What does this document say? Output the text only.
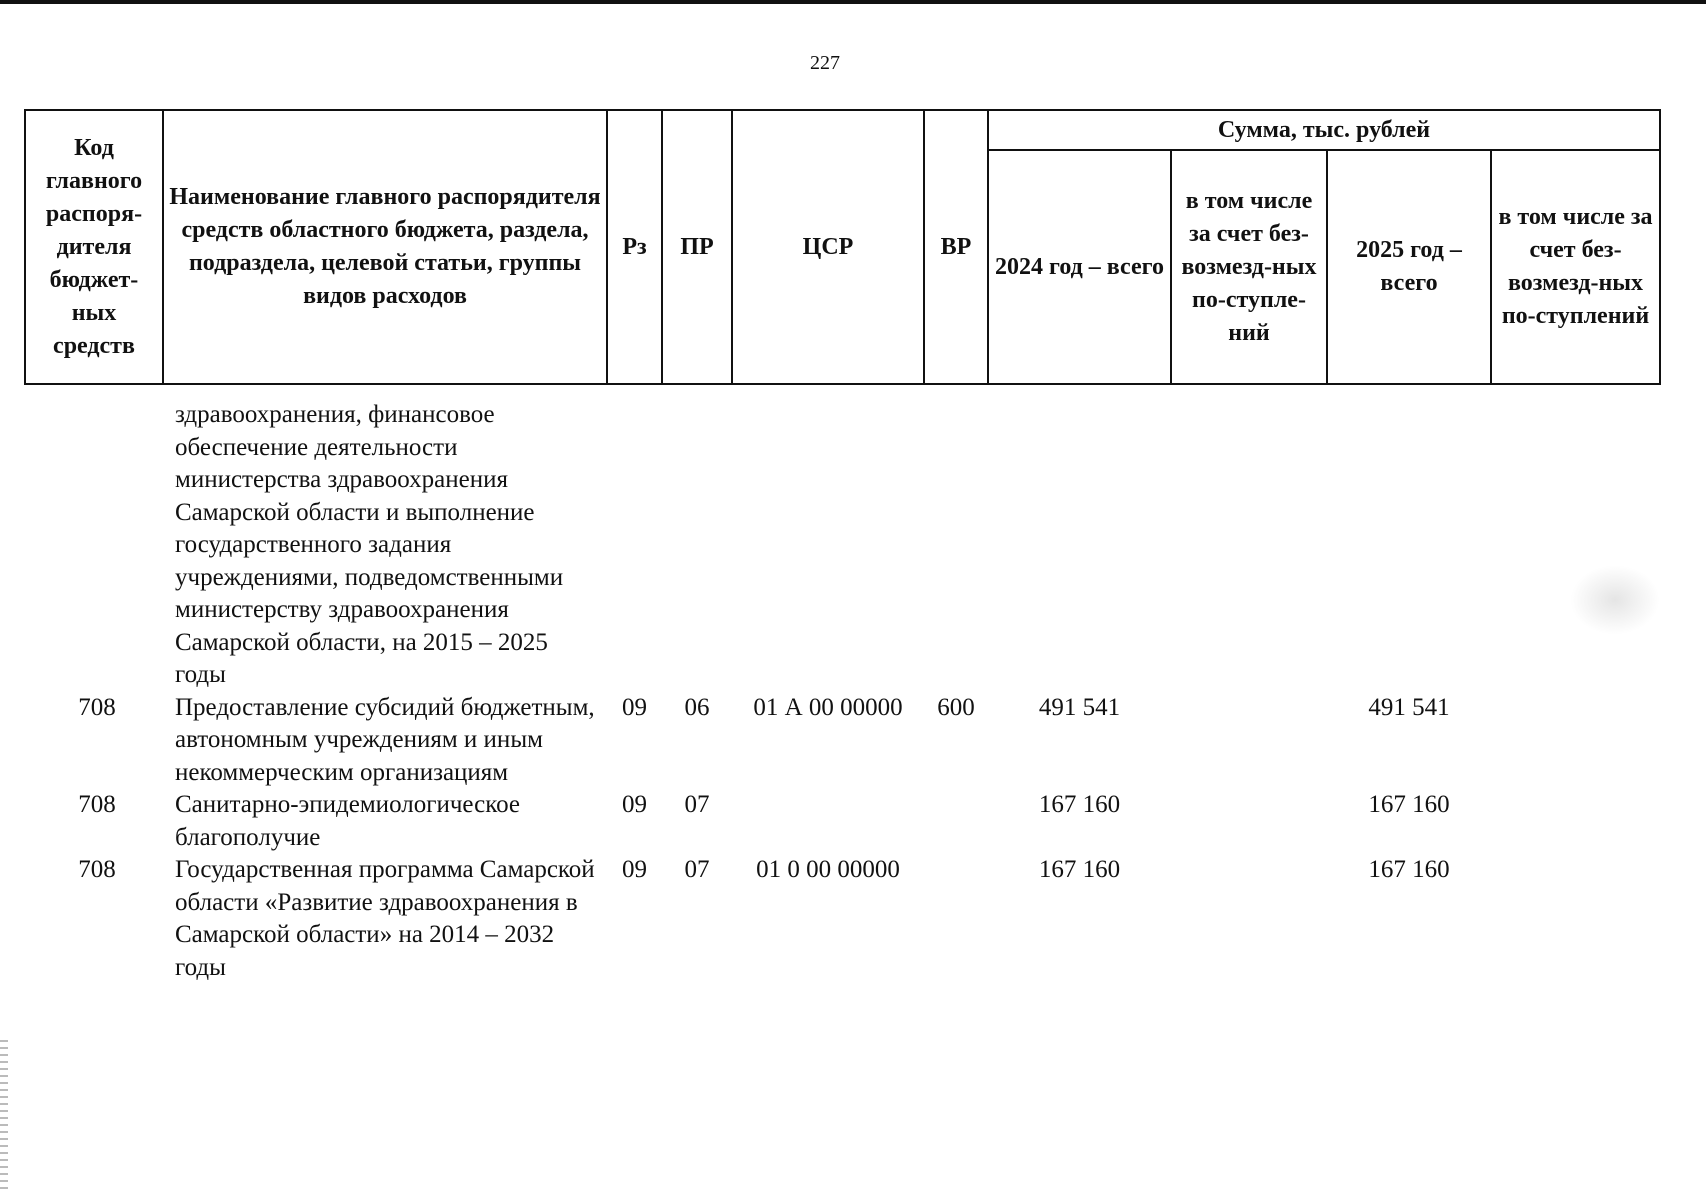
227
Код главного распоря-дителя бюджет-ных средств	Наименование главного распорядителя средств областного бюджета, раздела, подраздела, целевой статьи, группы видов расходов	Рз	ПР	ЦСР	ВР	Сумма, тыс. рублей			
						2024 год – всего	в том числе за счет без-возмезд-ных по-ступле-ний	2025 год – всего	в том числе за счет без-возмезд-ных по-ступлений
	здравоохранения, финансовое обеспечение деятельности министерства здравоохранения Самарской области и выполнение государственного задания учреждениями, подведомственными министерству здравоохранения Самарской области, на 2015 – 2025 годы								
708	Предоставление субсидий бюджетным, автономным учреждениям и иным некоммерческим организациям	09	06	01 А 00 00000	600	491 541		491 541	
708	Санитарно-эпидемиологическое благополучие	09	07			167 160		167 160	
708	Государственная программа Самарской области «Развитие здравоохранения в Самарской области» на 2014 – 2032 годы	09	07	01 0 00 00000		167 160		167 160	
